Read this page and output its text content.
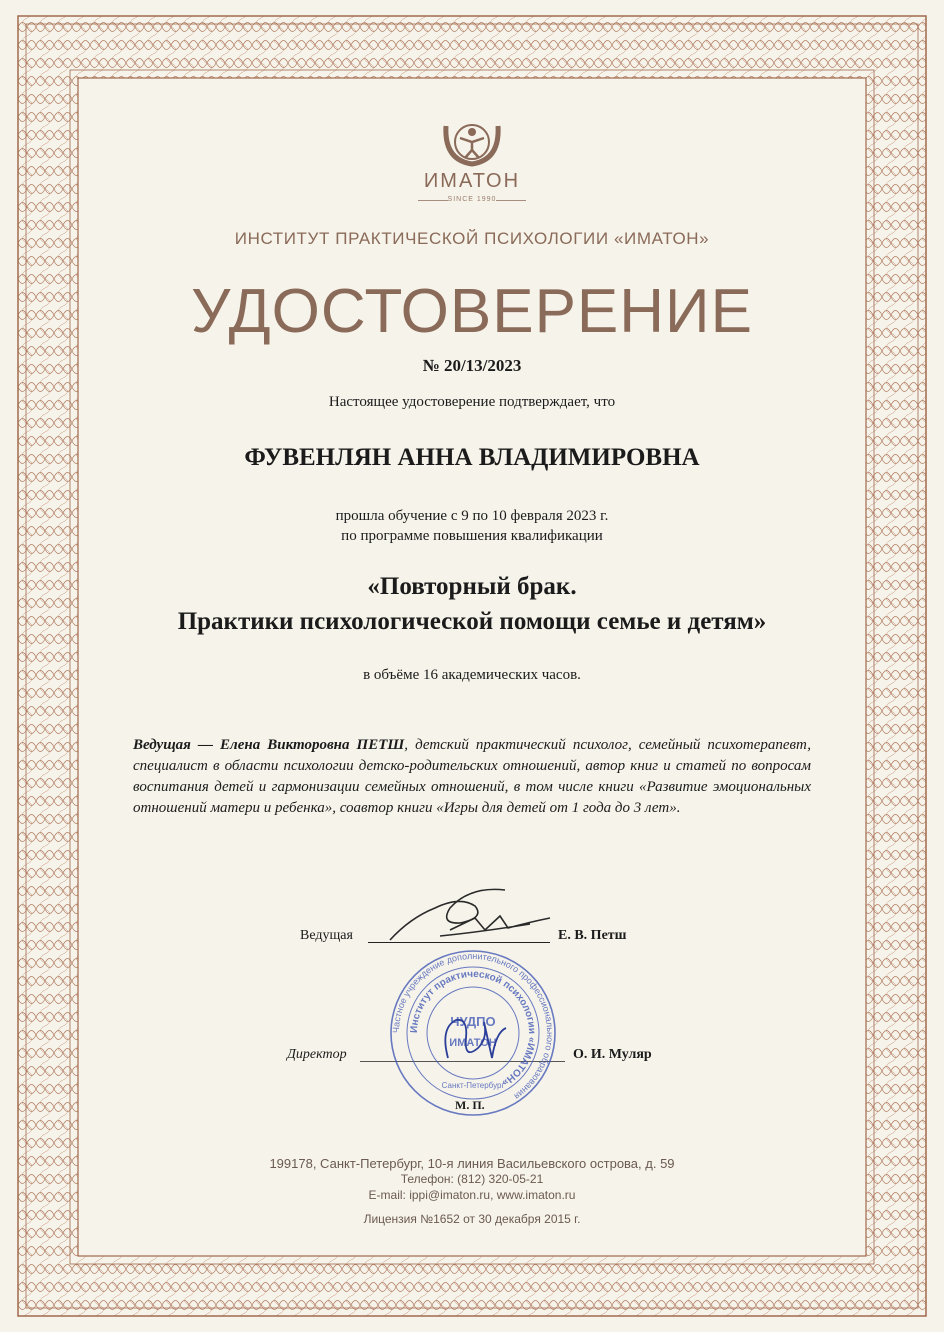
ИМАТОН
SINCE 1990
ИНСТИТУТ ПРАКТИЧЕСКОЙ ПСИХОЛОГИИ «ИМАТОН»
УДОСТОВЕРЕНИЕ
№ 20/13/2023
Настоящее удостоверение подтверждает, что
ФУВЕНЛЯН АННА ВЛАДИМИРОВНА
прошла обучение с 9 по 10 февраля 2023 г.
по программе повышения квалификации
«Повторный брак.
Практики психологической помощи семье и детям»
в объёме 16 академических часов.
Ведущая — Елена Викторовна ПЕТШ, детский практический психолог, семейный психотерапевт, специалист в области психологии детско-родительских отношений, автор книг и статей по вопросам воспитания детей и гармонизации семейных отношений, в том числе книги «Развитие эмоциональных отношений матери и ребенка», соавтор книги «Игры для детей от 1 года до 3 лет».
Ведущая	Е. В. Петш
Директор	О. И. Муляр
Частное учреждение дополнительного профессионального образования
Институт практической психологии «ИМАТОН»
ЧУДПО
ИМАТОН
Санкт-Петербург
М. П.
199178, Санкт-Петербург, 10-я линия Васильевского острова, д. 59
Телефон: (812) 320-05-21
E-mail: ippi@imaton.ru, www.imaton.ru
Лицензия №1652 от 30 декабря 2015 г.
